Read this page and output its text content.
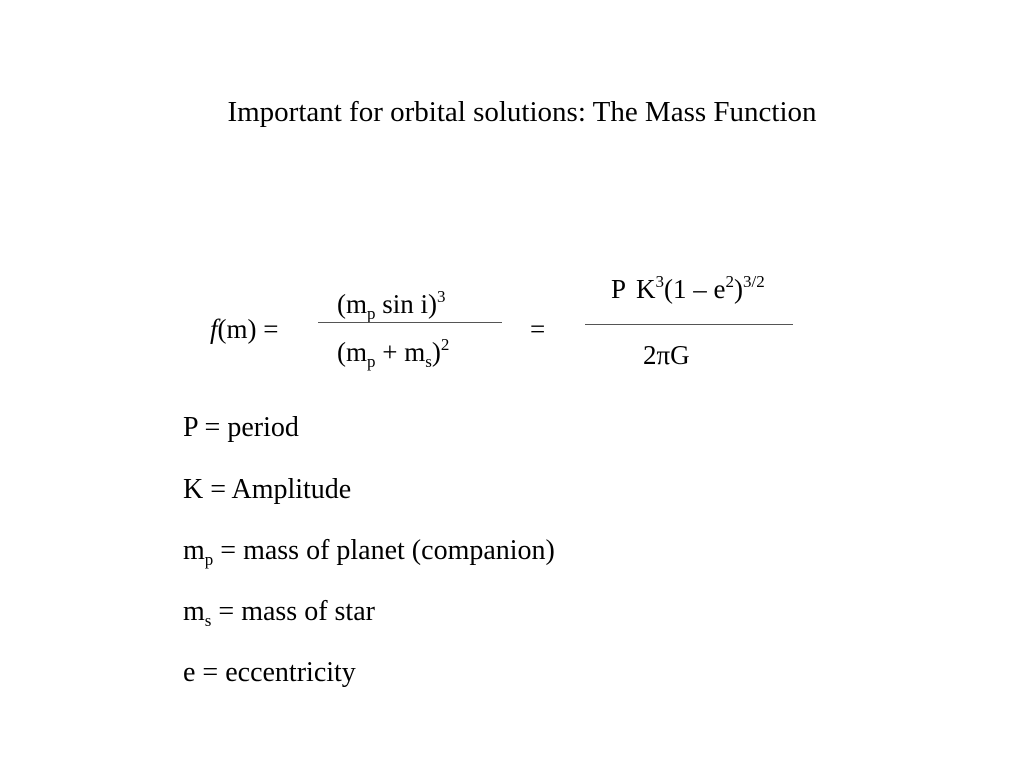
Important for orbital solutions: The Mass Function
f(m) =
($m_p$ sin i)$^3$
$(m_p + m_s)^2$
=
P $K^3(1 - e^2)^{3/2}$
2πG
P = period
K = Amplitude
$m_p$ = mass of planet (companion)
$m_s$ = mass of star
e = eccentricity
